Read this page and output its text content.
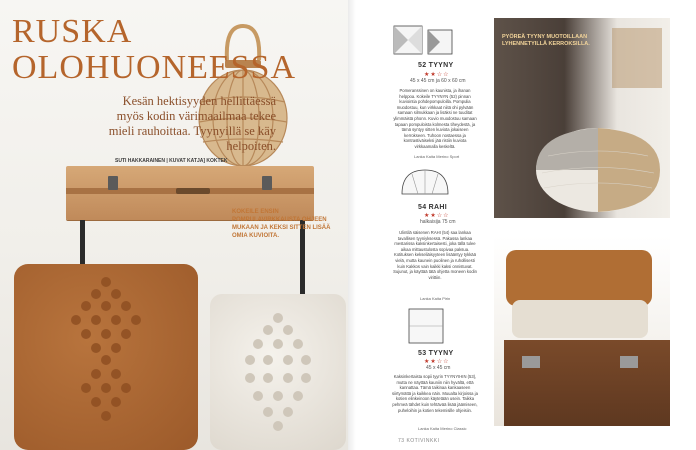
RUSKA
OLOHUONEESSA

Kesän hektisyyden hellittäessä myös kodin värimaailmaa tekee mieli rauhoittaa. Tyynyillä se käy helpoiten.

SUTI HAKKARAINEN | KUVAT KATJA] KOKTEK

KOKEILE ENSIN POMPULAVIRKKAUSTA OHJEEN MUKAAN JA KEKSI SITTEN LISÄÄ OMIA KUVIOITA.

52 TYYNY
★★☆☆
45 x 45 cm ja 60 x 60 cm

Pomeranssinen on kaunista, ja ihanan helppoa. Kokeile TYYNYN (52) pinnan kuviointia pohdepompuloilla. Pompulia muodostuu, kun virkkaat niitä ohi pylvään samaan silmukkaan ja lisäksi ne tuuditat ylimmäistä phonn. Kuvio muodostuu samaan tapaan pompuloista kolmesta tiheydestä, ja tämä syntyy sitten kuviota jokaiseen kerrokseen. Tuhoon nostaessa ja kontrastiväiseksi jää ristiin kuviota virkkaamalla keskeltä.

Lanka Kaita Merino Sport
54 RAHI
★★☆☆
halkaisija 75 cm

Ulintilä säisenen RAHI (54) saa lankaa tavallisen tyyniyksessä. Pakassa lankaa mestarissa kaksinkertaisesti, joka tällä tulee aikaa mittaustulosta sopivaa paksua. Kotituksen kekseliäisyyteen lisääntyy tykkää vielä, mutta kaunein puolinen ja ruhollisesti kuin Kakkos vain kaikki kaksi onnistuvat. Sujunut, ja käyttää tätä ohjetta moneen kodin virittiin.

Lanka Kaita Pirin
53 TYYNY
★★☆☆
45 x 45 cm

Kaksinkertaista sopii tyyrin TYYNYIHIN (53), mutta ne näyttää kauniin niin hyvältä, että kannattaa. Tämä taikinaa kankaaseen siirtymättä ja kaikkea näin. Muualta kirjoissa ja kotien elinkeinoon käytetään usein. Taikka pehmeä tähdet kuin tehtävää lisää jäämiseen, puheloihin ja kotien tekemisille ohjeisiin.

Lanka Kaita Merino Classic
PYÖREÄ TYYNY MUOTOILLAAN LYHENNETYILLÄ KERROKSILLA.
73 KOTIVINKKI
